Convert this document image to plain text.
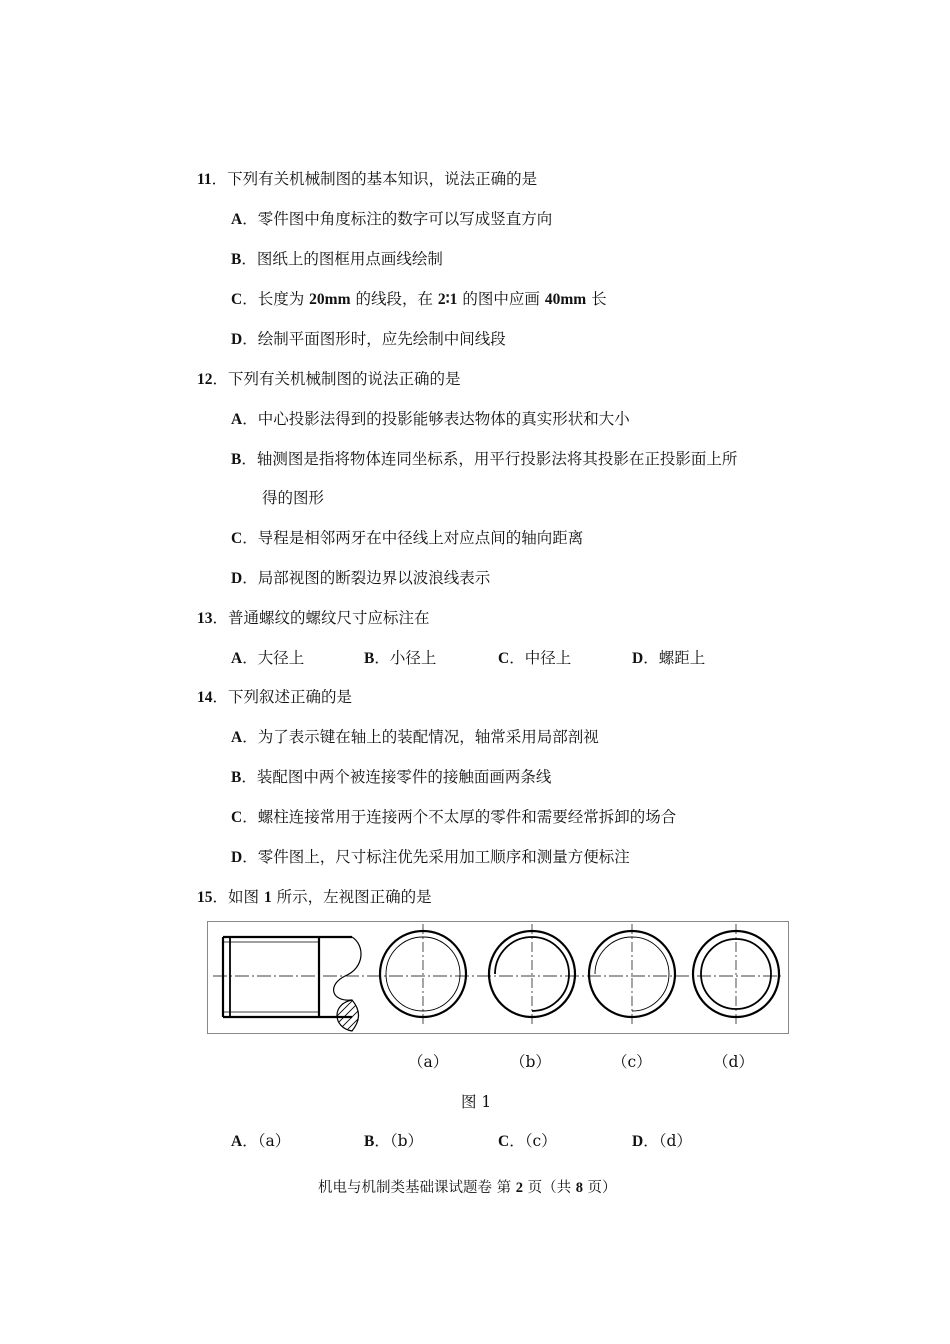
11．下列有关机械制图的基本知识，说法正确的是
A．零件图中角度标注的数字可以写成竖直方向
B．图纸上的图框用点画线绘制
C．长度为 20mm 的线段，在 2∶1 的图中应画 40mm 长
D．绘制平面图形时，应先绘制中间线段
12．下列有关机械制图的说法正确的是
A．中心投影法得到的投影能够表达物体的真实形状和大小
B．轴测图是指将物体连同坐标系，用平行投影法将其投影在正投影面上所
得的图形
C．导程是相邻两牙在中径线上对应点间的轴向距离
D．局部视图的断裂边界以波浪线表示
13．普通螺纹的螺纹尺寸应标注在
A．大径上	B．小径上	C．中径上	D．螺距上
14．下列叙述正确的是
A．为了表示键在轴上的装配情况，轴常采用局部剖视
B．装配图中两个被连接零件的接触面画两条线
C．螺柱连接常用于连接两个不太厚的零件和需要经常拆卸的场合
D．零件图上，尺寸标注优先采用加工顺序和测量方便标注
15．如图 1 所示，左视图正确的是
（a）	（b）	（c）	（d）
图 1
A．（a）	B．（b）	C．（c）	D．（d）
机电与机制类基础课试题卷 第 2 页（共 8 页）
